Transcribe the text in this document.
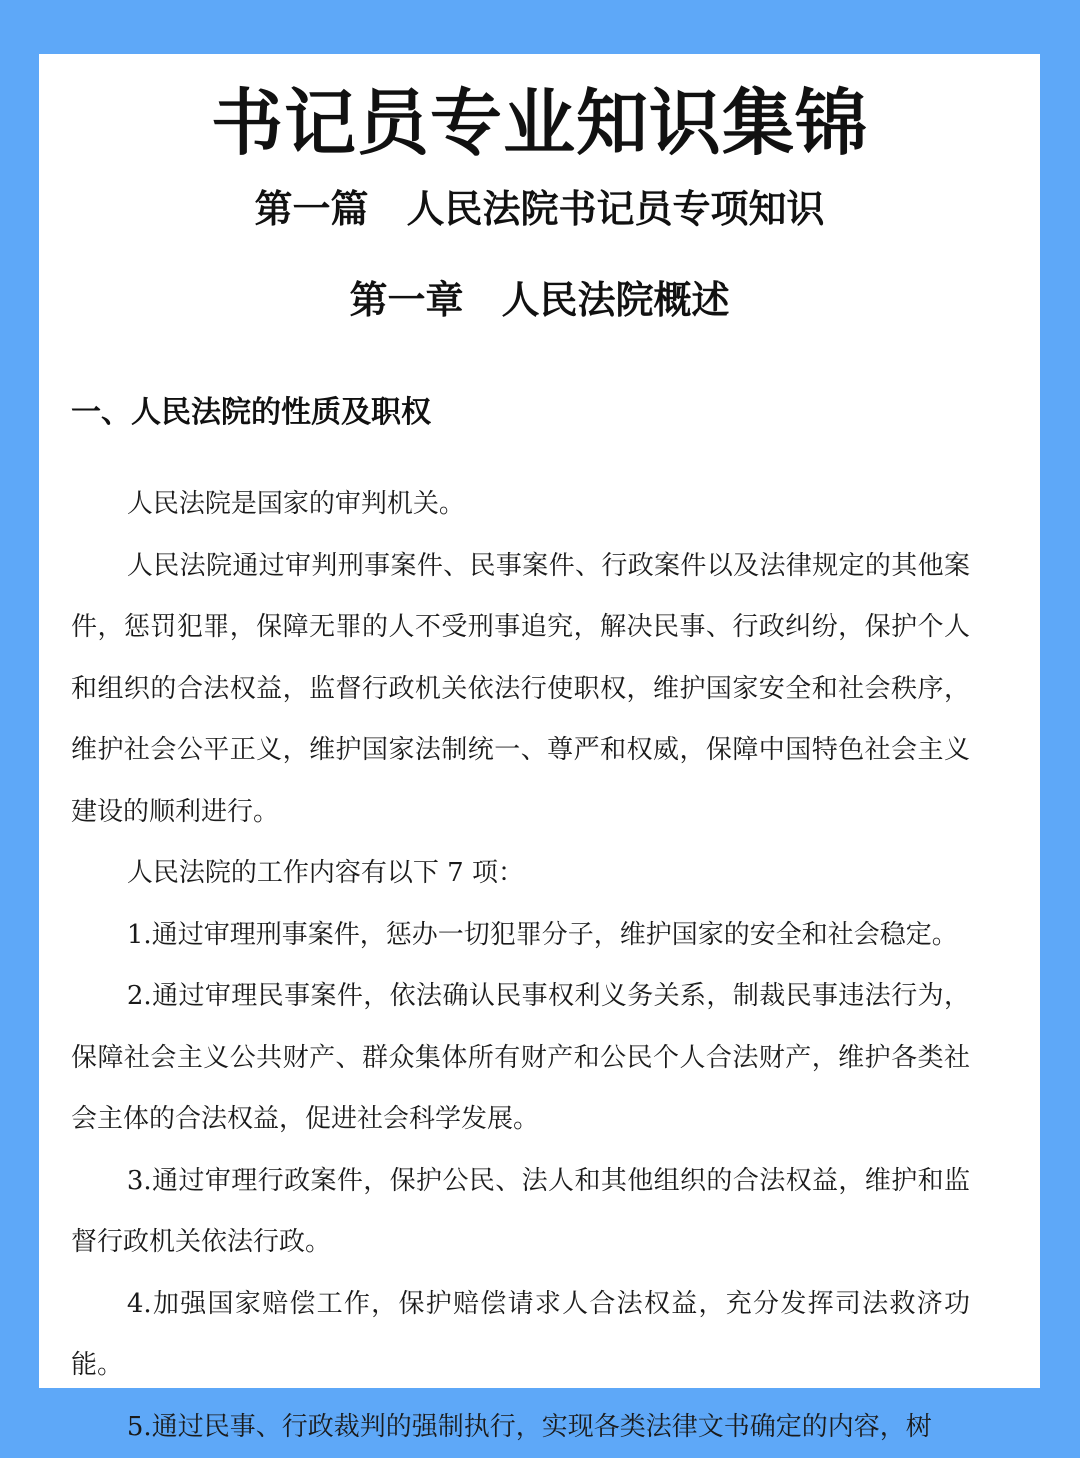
书记员专业知识集锦
第一篇　人民法院书记员专项知识
第一章　人民法院概述
一、人民法院的性质及职权

人民法院是国家的审判机关。

人民法院通过审判刑事案件、民事案件、行政案件以及法律规定的其他案件，惩罚犯罪，保障无罪的人不受刑事追究，解决民事、行政纠纷，保护个人和组织的合法权益，监督行政机关依法行使职权，维护国家安全和社会秩序，维护社会公平正义，维护国家法制统一、尊严和权威，保障中国特色社会主义建设的顺利进行。

人民法院的工作内容有以下 7 项：

1.通过审理刑事案件，惩办一切犯罪分子，维护国家的安全和社会稳定。

2.通过审理民事案件，依法确认民事权利义务关系，制裁民事违法行为，保障社会主义公共财产、群众集体所有财产和公民个人合法财产，维护各类社会主体的合法权益，促进社会科学发展。

3.通过审理行政案件，保护公民、法人和其他组织的合法权益，维护和监督行政机关依法行政。

4.加强国家赔偿工作，保护赔偿请求人合法权益，充分发挥司法救济功能。

5.通过民事、行政裁判的强制执行，实现各类法律文书确定的内容，树
